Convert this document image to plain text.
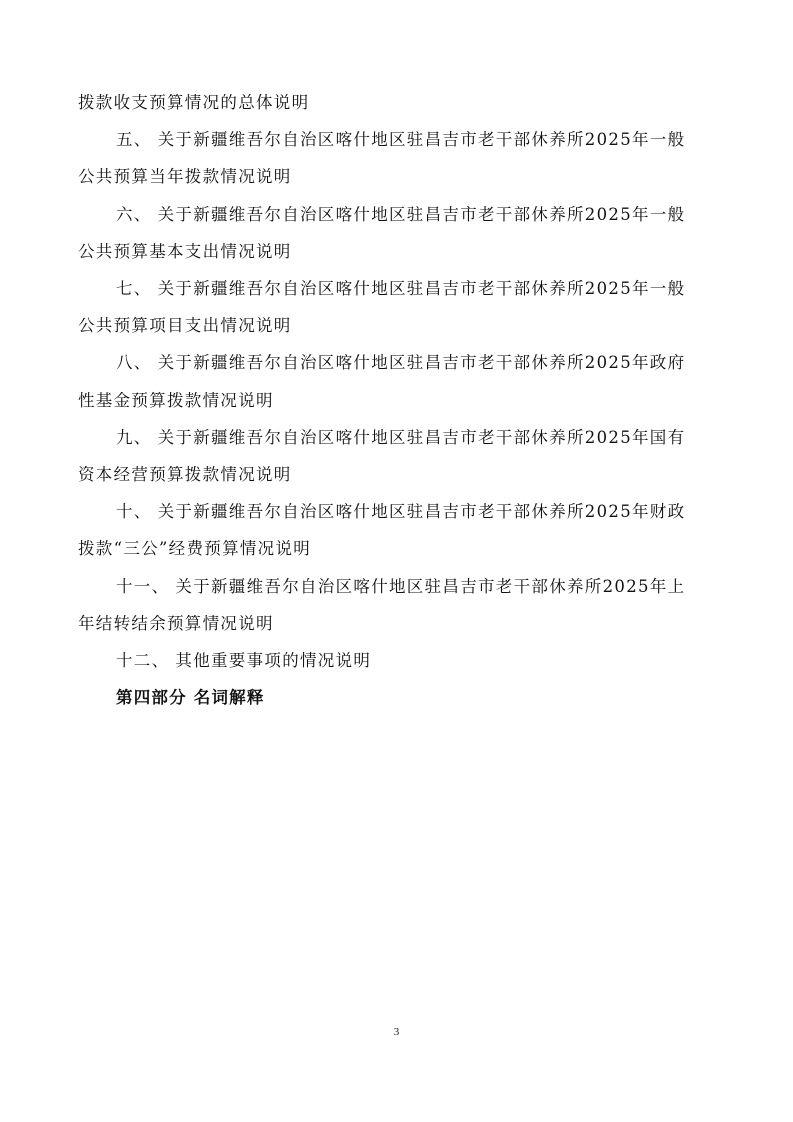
拨款收支预算情况的总体说明

五、 关于新疆维吾尔自治区喀什地区驻昌吉市老干部休养所2025年一般
公共预算当年拨款情况说明
六、 关于新疆维吾尔自治区喀什地区驻昌吉市老干部休养所2025年一般
公共预算基本支出情况说明
七、 关于新疆维吾尔自治区喀什地区驻昌吉市老干部休养所2025年一般
公共预算项目支出情况说明
八、 关于新疆维吾尔自治区喀什地区驻昌吉市老干部休养所2025年政府
性基金预算拨款情况说明
九、 关于新疆维吾尔自治区喀什地区驻昌吉市老干部休养所2025年国有
资本经营预算拨款情况说明
十、 关于新疆维吾尔自治区喀什地区驻昌吉市老干部休养所2025年财政
拨款“三公”经费预算情况说明
十一、 关于新疆维吾尔自治区喀什地区驻昌吉市老干部休养所2025年上
年结转结余预算情况说明

十二、 其他重要事项的情况说明

第四部分 名词解释

3
